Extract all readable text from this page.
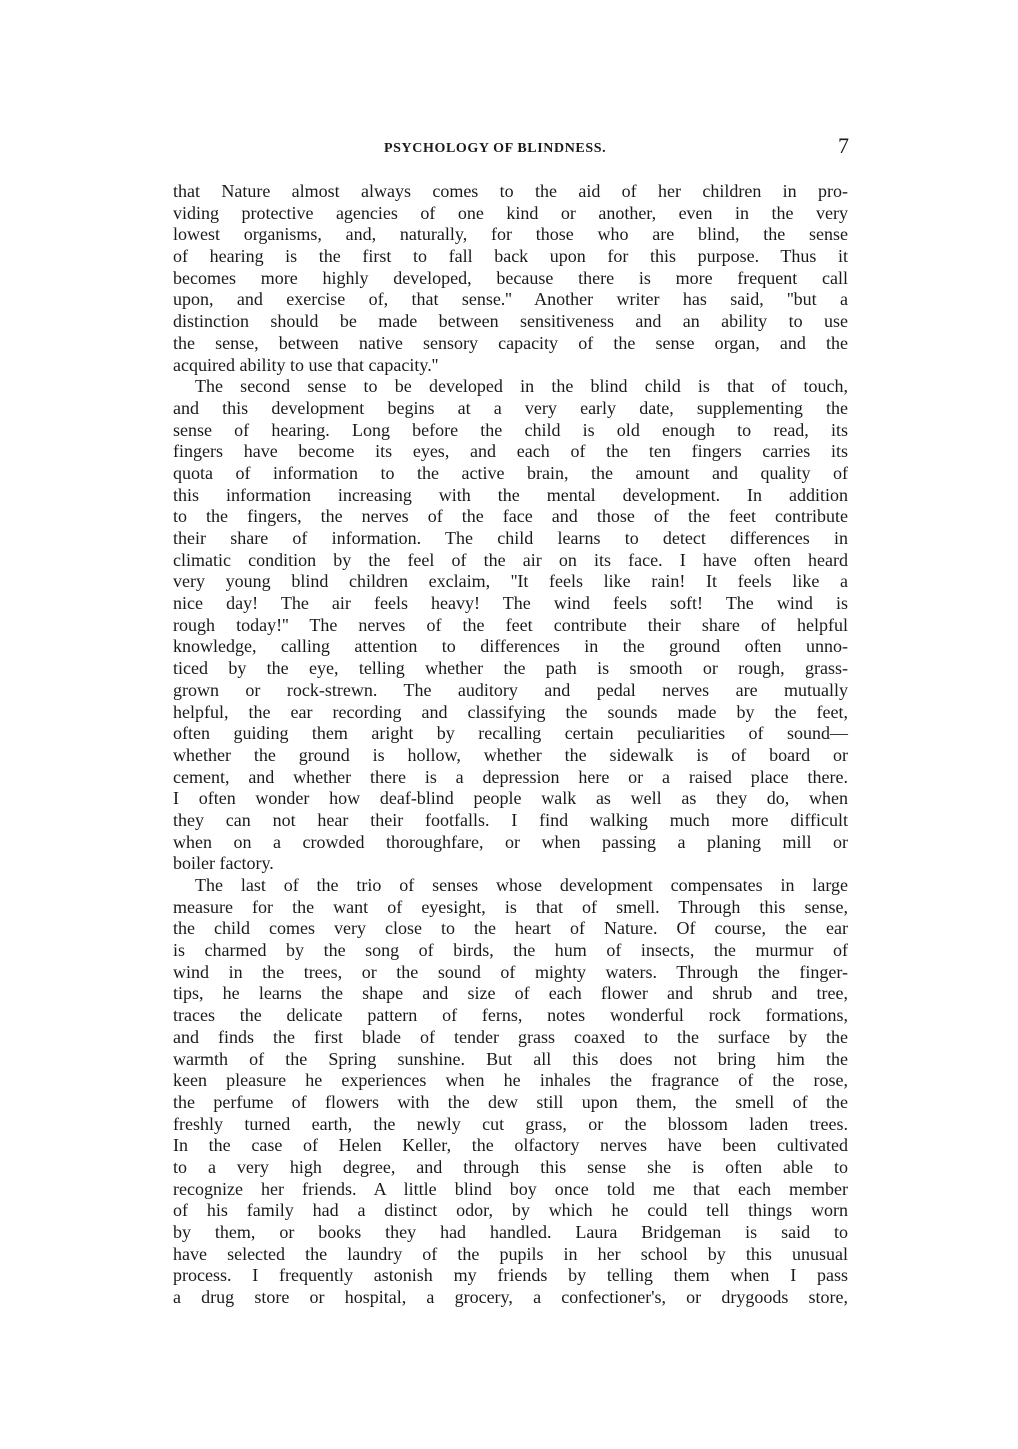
PSYCHOLOGY OF BLINDNESS.	7
that Nature almost always comes to the aid of her children in pro-
viding protective agencies of one kind or another, even in the very
lowest organisms, and, naturally, for those who are blind, the sense
of hearing is the first to fall back upon for this purpose. Thus it
becomes more highly developed, because there is more frequent call
upon, and exercise of, that sense.'' Another writer has said, ''but a
distinction should be made between sensitiveness and an ability to use
the sense, between native sensory capacity of the sense organ, and the
acquired ability to use that capacity.''
The second sense to be developed in the blind child is that of touch,
and this development begins at a very early date, supplementing the
sense of hearing. Long before the child is old enough to read, its
fingers have become its eyes, and each of the ten fingers carries its
quota of information to the active brain, the amount and quality of
this information increasing with the mental development. In addition
to the fingers, the nerves of the face and those of the feet contribute
their share of information. The child learns to detect differences in
climatic condition by the feel of the air on its face. I have often heard
very young blind children exclaim, ''It feels like rain! It feels like a
nice day! The air feels heavy! The wind feels soft! The wind is
rough today!'' The nerves of the feet contribute their share of helpful
knowledge, calling attention to differences in the ground often unno-
ticed by the eye, telling whether the path is smooth or rough, grass-
grown or rock-strewn. The auditory and pedal nerves are mutually
helpful, the ear recording and classifying the sounds made by the feet,
often guiding them aright by recalling certain peculiarities of sound—
whether the ground is hollow, whether the sidewalk is of board or
cement, and whether there is a depression here or a raised place there.
I often wonder how deaf-blind people walk as well as they do, when
they can not hear their footfalls. I find walking much more difficult
when on a crowded thoroughfare, or when passing a planing mill or
boiler factory.
The last of the trio of senses whose development compensates in large
measure for the want of eyesight, is that of smell. Through this sense,
the child comes very close to the heart of Nature. Of course, the ear
is charmed by the song of birds, the hum of insects, the murmur of
wind in the trees, or the sound of mighty waters. Through the finger-
tips, he learns the shape and size of each flower and shrub and tree,
traces the delicate pattern of ferns, notes wonderful rock formations,
and finds the first blade of tender grass coaxed to the surface by the
warmth of the Spring sunshine. But all this does not bring him the
keen pleasure he experiences when he inhales the fragrance of the rose,
the perfume of flowers with the dew still upon them, the smell of the
freshly turned earth, the newly cut grass, or the blossom laden trees.
In the case of Helen Keller, the olfactory nerves have been cultivated
to a very high degree, and through this sense she is often able to
recognize her friends. A little blind boy once told me that each member
of his family had a distinct odor, by which he could tell things worn
by them, or books they had handled. Laura Bridgeman is said to
have selected the laundry of the pupils in her school by this unusual
process. I frequently astonish my friends by telling them when I pass
a drug store or hospital, a grocery, a confectioner's, or drygoods store,
